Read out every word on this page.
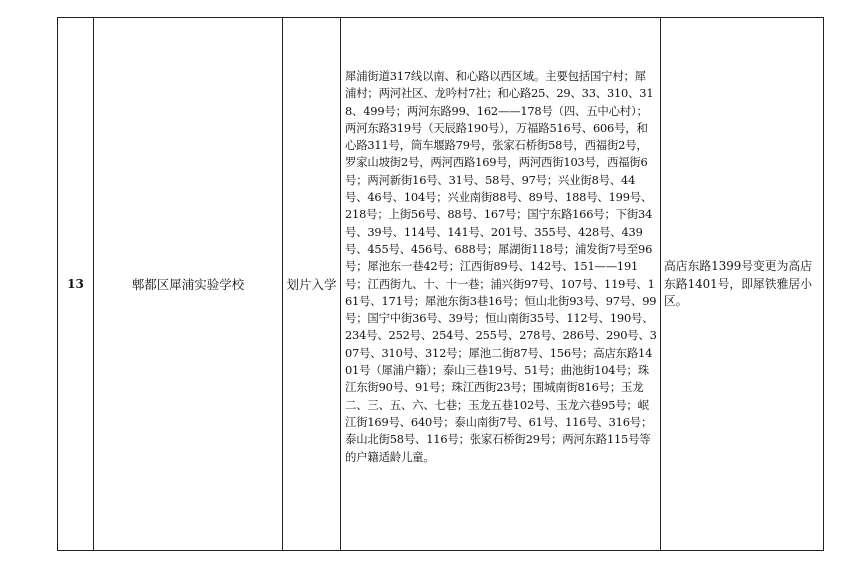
13	郫都区犀浦实验学校	划片入学	犀浦街道317线以南、和心路以西区域。主要包括国宁村；犀浦村；两河社区、龙吟村7社；和心路25、29、33、310、318、499号；两河东路99、162——178号（四、五中心村）；两河东路319号（天辰路190号），万福路516号、606号，和心路311号，筒车堰路79号，张家石桥街58号，西福街2号，罗家山坡街2号，两河西路169号，两河西街103号，西福街6号；两河新街16号、31号、58号、97号；兴业街8号、44号、46号、104号；兴业南街88号、89号、188号、199号、218号；上街56号、88号、167号；国宁东路166号；下街34号、39号、114号、141号、201号、355号、428号、439号、455号、456号、688号；犀湖街118号；浦发街7号至96号；犀池东一巷42号；江西街89号、142号、151——191号；江西街九、十、十一巷；浦兴街97号、107号、119号、161号、171号；犀池东街3巷16号；恒山北街93号、97号、99号；国宁中街36号、39号；恒山南街35号、112号、190号、234号、252号、254号、255号、278号、286号、290号、307号、310号、312号；犀池二街87号、156号；高店东路1401号（犀浦户籍）；泰山三巷19号、51号；曲池街104号；珠江东街90号、91号；珠江西街23号；围城南街816号；玉龙二、三、五、六、七巷；玉龙五巷102号、玉龙六巷95号；岷江街169号、640号；泰山南街7号、61号、116号、316号；泰山北街58号、116号；张家石桥街29号；两河东路115号等的户籍适龄儿童。	高店东路1399号变更为高店东路1401号，即犀铁雅居小区。
